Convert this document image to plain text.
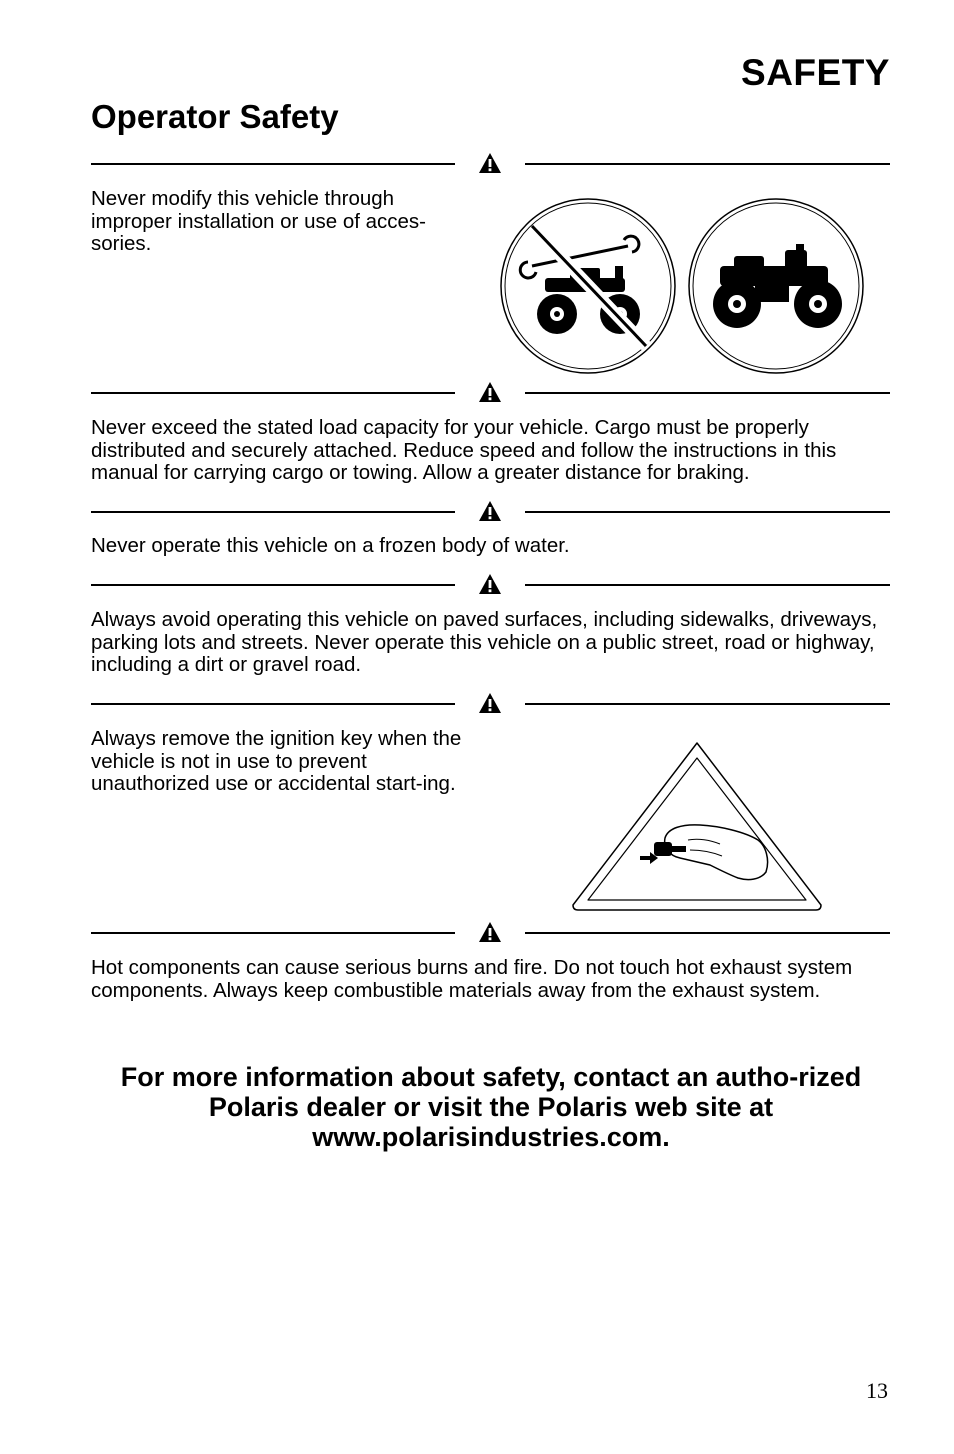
SAFETY
Operator Safety
Never modify this vehicle through improper installation or use of acces-sories.
Never exceed the stated load capacity for your vehicle. Cargo must be properly distributed and securely attached. Reduce speed and follow the instructions in this manual for carrying cargo or towing. Allow a greater distance for braking.
Never operate this vehicle on a frozen body of water.
Always avoid operating this vehicle on paved surfaces, including sidewalks, driveways, parking lots and streets. Never operate this vehicle on a public street, road or highway, including a dirt or gravel road.
Always remove the ignition key when the vehicle is not in use to prevent unauthorized use or accidental start-ing.
Hot components can cause serious burns and fire. Do not touch hot exhaust system components. Always keep combustible materials away from the exhaust system.
For more information about safety, contact an autho-rized Polaris dealer or visit the Polaris web site at www.polarisindustries.com.
13
